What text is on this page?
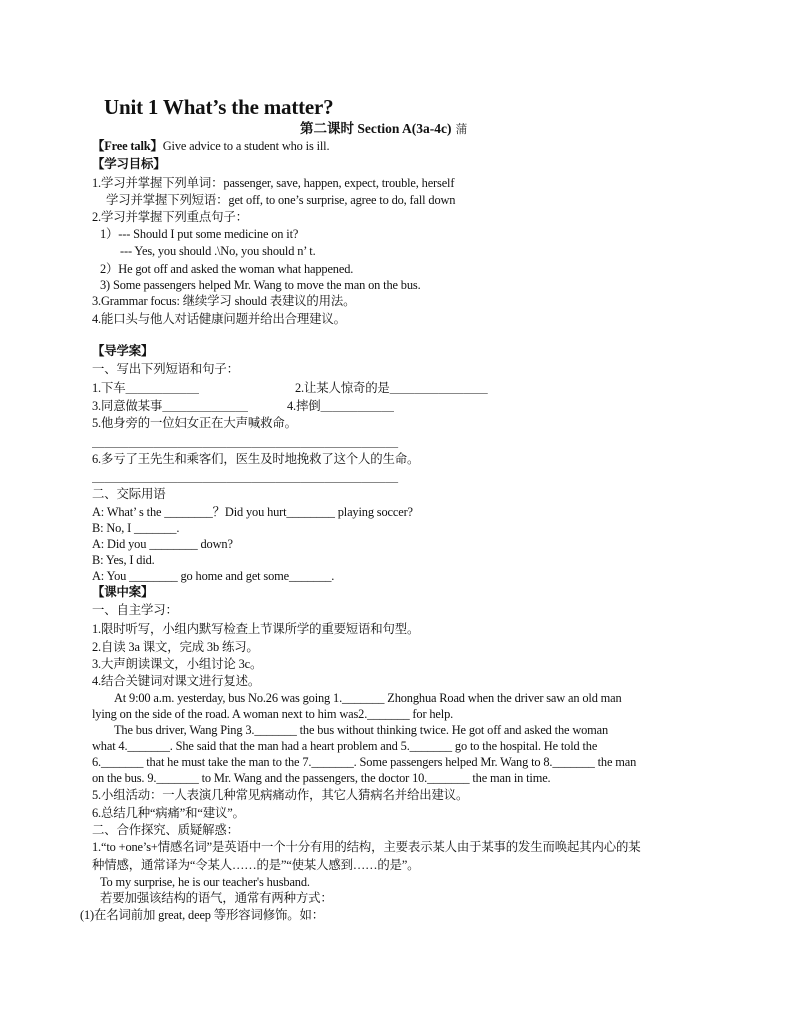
Unit 1 What’s the matter?
第二课时 Section A(3a-4c) 蒲
【Free talk】Give advice to a student who is ill.
【学习目标】
1.学习并掌握下列单词：passenger, save, happen, expect, trouble, herself
学习并掌握下列短语：get off, to one’s surprise, agree to do, fall down
2.学习并掌握下列重点句子：
1）--- Should I put some medicine on it?
--- Yes, you should .\No, you should n’ t.
2）He got off and asked the woman what happened.
3) Some passengers helped Mr. Wang to move the man on the bus.
3.Grammar focus: 继续学习 should 表建议的用法。
4.能口头与他人对话健康问题并给出合理建议。
【导学案】
一、写出下列短语和句子：
1.下车＿＿＿＿＿＿	2.让某人惊奇的是＿＿＿＿＿＿＿＿
3.同意做某事＿＿＿＿＿＿＿	4.摔倒＿＿＿＿＿＿
5.他身旁的一位妇女正在大声喊救命。
＿＿＿＿＿＿＿＿＿＿＿＿＿＿＿＿＿＿＿＿＿＿＿＿＿
6.多亏了王先生和乘客们，医生及时地挽救了这个人的生命。
＿＿＿＿＿＿＿＿＿＿＿＿＿＿＿＿＿＿＿＿＿＿＿＿＿
二、交际用语
A: What’ s the ________？Did you hurt________ playing soccer?
B: No, I _______.
A: Did you ________ down?
B: Yes, I did.
A: You ________ go home and get some_______.
【课中案】
一、自主学习：
1.限时听写，小组内默写检查上节课所学的重要短语和句型。
2.自读 3a 课文，完成 3b 练习。
3.大声朗读课文，小组讨论 3c。
4.结合关键词对课文进行复述。
At 9:00 a.m. yesterday, bus No.26 was going 1._______ Zhonghua Road when the driver saw an old man
lying on the side of the road. A woman next to him was2._______ for help.
The bus driver, Wang Ping 3._______ the bus without thinking twice. He got off and asked the woman
what 4._______. She said that the man had a heart problem and 5._______ go to the hospital. He told the
6._______ that he must take the man to the 7._______. Some passengers helped Mr. Wang to 8._______ the man
on the bus. 9._______ to Mr. Wang and the passengers, the doctor 10._______ the man in time.
5.小组活动：一人表演几种常见病痛动作，其它人猜病名并给出建议。
6.总结几种“病痛”和“建议”。
二、合作探究、质疑解惑：
1.“to +one’s+情感名词”是英语中一个十分有用的结构，主要表示某人由于某事的发生而唤起其内心的某
种情感，通常译为“令某人……的是”“使某人感到……的是”。
To my surprise, he is our teacher's husband.
若要加强该结构的语气，通常有两种方式：
(1)在名词前加 great, deep 等形容词修饰。如：
